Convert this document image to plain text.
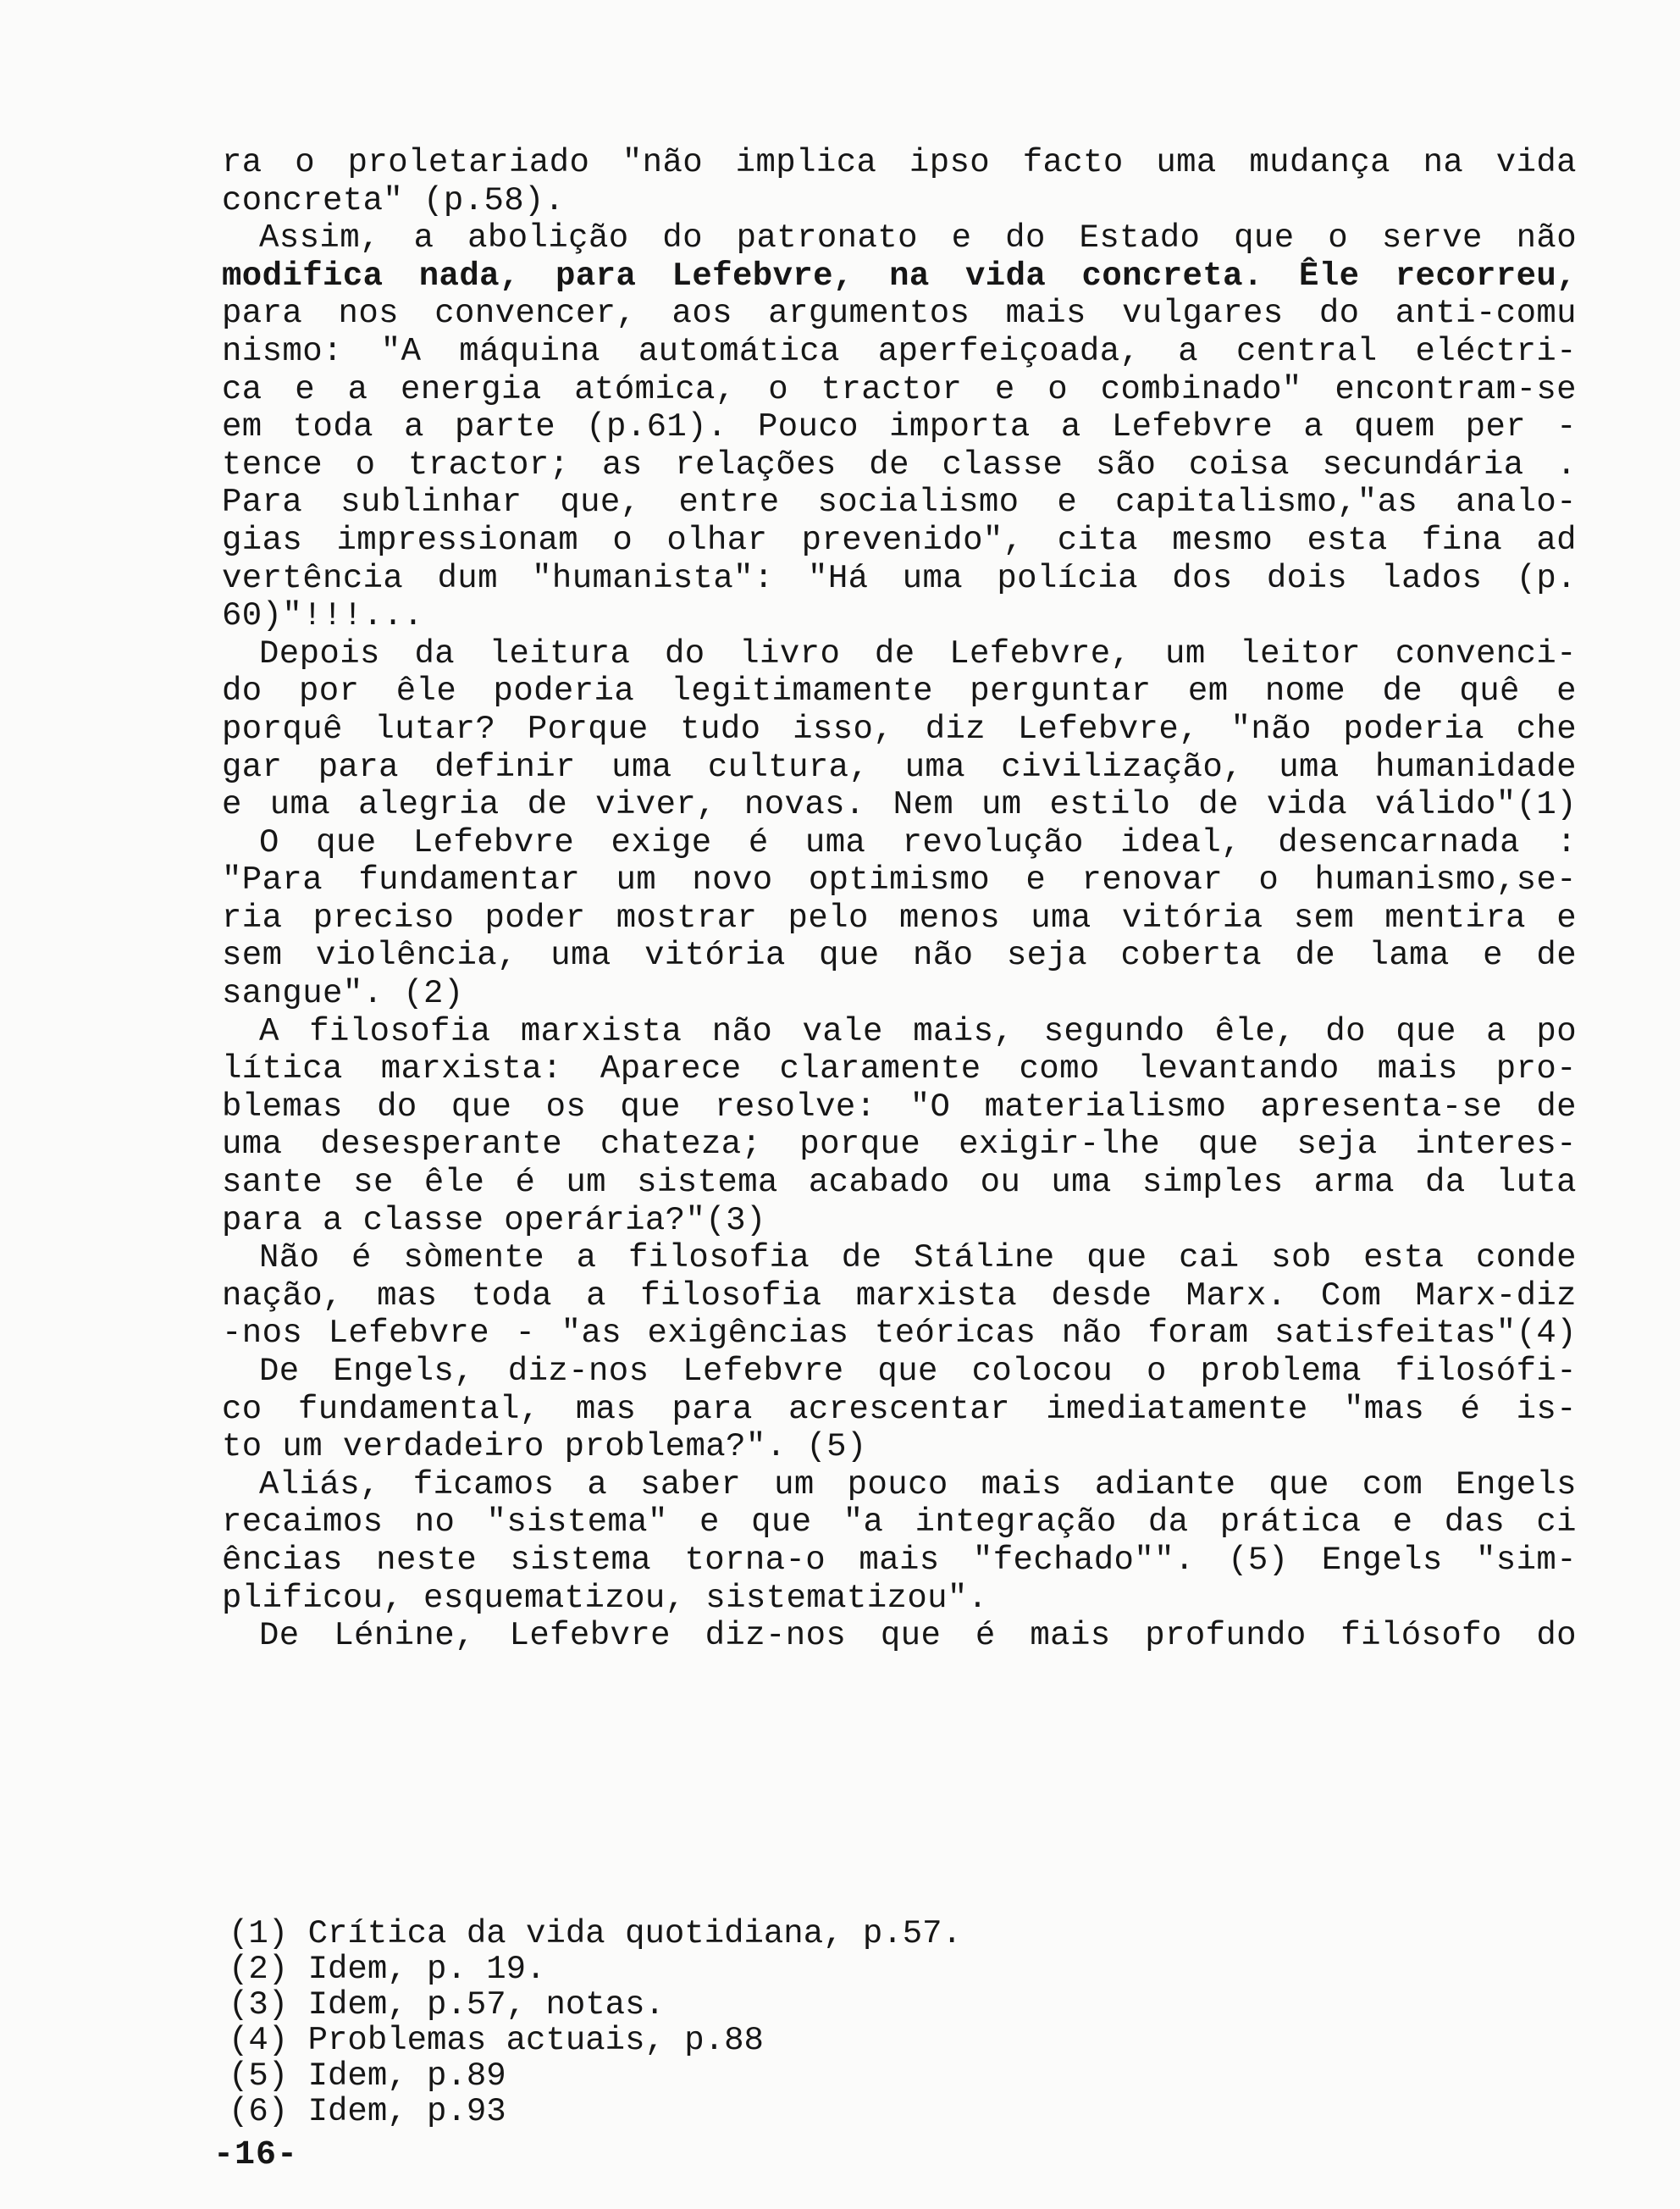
ra o proletariado "não implica ipso facto uma mudança na vida
concreta" (p.58).
Assim, a abolição do patronato e do Estado que o serve não
modifica nada, para Lefebvre, na vida concreta. Êle recorreu,
para nos convencer, aos argumentos mais vulgares do anti-comu
nismo: "A máquina automática aperfeiçoada, a central eléctri-
ca e a energia atómica, o tractor e o combinado" encontram-se
em toda a parte (p.61). Pouco importa a Lefebvre a quem per -
tence o tractor; as relações de classe são coisa secundária .
Para sublinhar que, entre socialismo e capitalismo,"as analo-
gias impressionam o olhar prevenido", cita mesmo esta fina ad
vertência dum "humanista": "Há uma polícia dos dois lados (p.
60)"!!!...
Depois da leitura do livro de Lefebvre, um leitor convenci-
do por êle poderia legitimamente perguntar em nome de quê e
porquê lutar? Porque tudo isso, diz Lefebvre, "não poderia che
gar para definir uma cultura, uma civilização, uma humanidade
e uma alegria de viver, novas. Nem um estilo de vida válido"(1)
O que Lefebvre exige é uma revolução ideal, desencarnada :
"Para fundamentar um novo optimismo e renovar o humanismo,se-
ria preciso poder mostrar pelo menos uma vitória sem mentira e
sem violência, uma vitória que não seja coberta de lama e de
sangue". (2)
A filosofia marxista não vale mais, segundo êle, do que a po
lítica marxista: Aparece claramente como levantando mais pro-
blemas do que os que resolve: "O materialismo apresenta-se de
uma desesperante chateza; porque exigir-lhe que seja interes-
sante se êle é um sistema acabado ou uma simples arma da luta
para a classe operária?"(3)
Não é sòmente a filosofia de Stáline que cai sob esta conde
nação, mas toda a filosofia marxista desde Marx. Com Marx-diz
-nos Lefebvre - "as exigências teóricas não foram satisfeitas"(4)
De Engels, diz-nos Lefebvre que colocou o problema filosófi-
co fundamental, mas para acrescentar imediatamente "mas é is-
to um verdadeiro problema?". (5)
Aliás, ficamos a saber um pouco mais adiante que com Engels
recaimos no "sistema" e que "a integração da prática e das ci
ências neste sistema torna-o mais "fechado"". (5) Engels "sim-
plificou, esquematizou, sistematizou".
De Lénine, Lefebvre diz-nos que é mais profundo filósofo do
(1) Crítica da vida quotidiana, p.57.
(2) Idem, p. 19.
(3) Idem, p.57, notas.
(4) Problemas actuais, p.88
(5) Idem, p.89
(6) Idem, p.93
-16-
